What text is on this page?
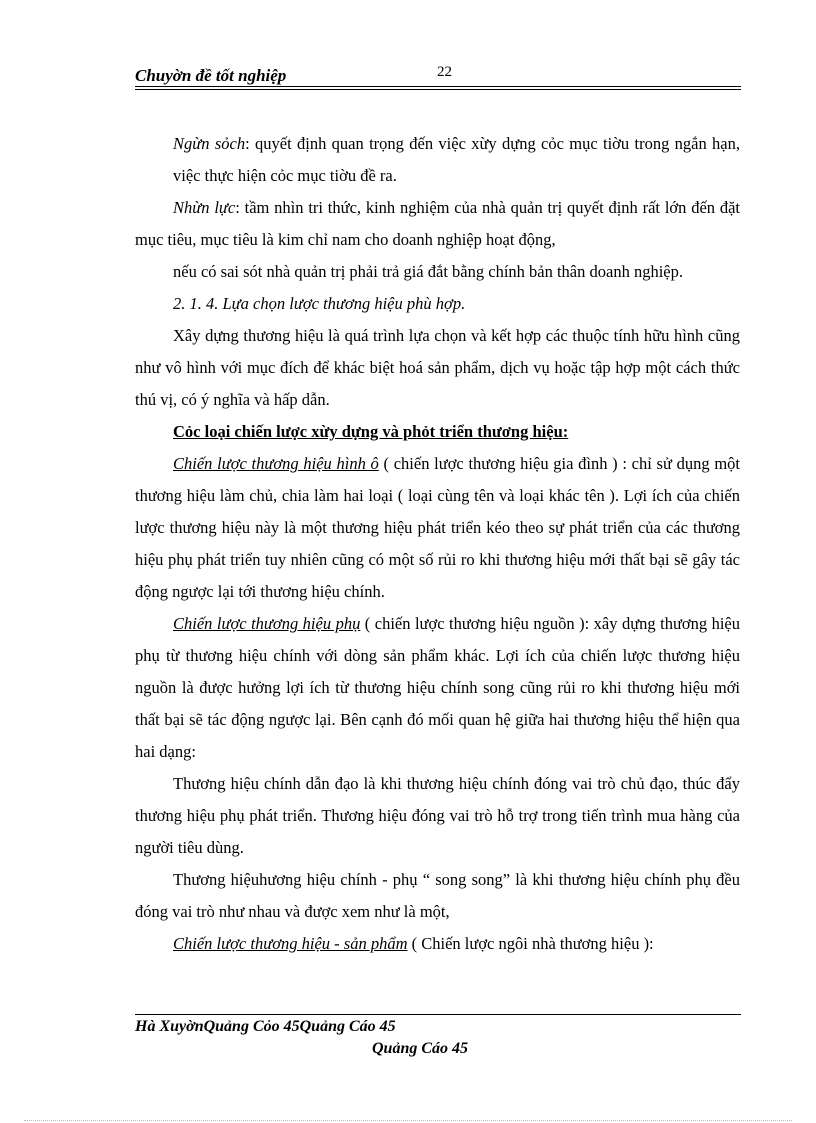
Chuyờn đề tốt nghiệp	22

Ngừn sỏch: quyết định quan trọng đến việc xừy dựng cỏc mục tiờu trong ngắn hạn, việc thực hiện cỏc mục tiờu đề ra.

Nhừn lực: tầm nhìn tri thức, kinh nghiệm của nhà quản trị quyết định rất lớn đến đặt mục tiêu, mục tiêu là kim chỉ nam cho doanh nghiệp hoạt động,

nếu có sai sót nhà quản trị phải trả giá đắt bằng chính bản thân doanh nghiệp.

2. 1. 4. Lựa chọn lược thương hiệu phù hợp.

Xây dựng thương hiệu là quá trình lựa chọn và kết hợp các thuộc tính hữu hình cũng như vô hình với mục đích để khác biệt hoá sản phẩm, dịch vụ hoặc tập hợp một cách thức thú vị, có ý nghĩa và hấp dẫn.

Cỏc loại chiến lược xừy dựng và phỏt triển thương hiệu:

Chiến lược thương hiệu hình ô ( chiến lược thương hiệu gia đình ) : chỉ sử dụng một thương hiệu làm chủ, chia làm hai loại ( loại cùng tên và loại khác tên ). Lợi ích của chiến lược thương hiệu này là một thương hiệu phát triển kéo theo sự phát triển của các thương hiệu phụ phát triển tuy nhiên cũng có một số rủi ro khi thương hiệu mới thất bại sẽ gây tác động ngược lại tới thương hiệu chính.

Chiến lược thương hiệu phụ ( chiến lược thương hiệu nguồn ): xây dựng thương hiệu phụ từ thương hiệu chính với dòng sản phẩm khác. Lợi ích của chiến lược thương hiệu nguồn là được hưởng lợi ích từ thương hiệu chính song cũng rủi ro khi thương hiệu mới thất bại sẽ tác động ngược lại. Bên cạnh đó mối quan hệ giữa hai thương hiệu thể hiện qua hai dạng:

Thương hiệu chính dẫn đạo là khi thương hiệu chính đóng vai trò chủ đạo, thúc đẩy thương hiệu phụ phát triển. Thương hiệu đóng vai trò hỗ trợ trong tiến trình mua hàng của người tiêu dùng.

Thương hiệuhương hiệu chính - phụ “ song song” là khi thương hiệu chính phụ đều đóng vai trò như nhau và được xem như là một,

Chiến lược thương hiệu - sản phẩm ( Chiến lược ngôi nhà thương hiệu ):

Hà XuyờnQuảng Cỏo 45Quảng Cáo 45
Quảng Cáo 45
